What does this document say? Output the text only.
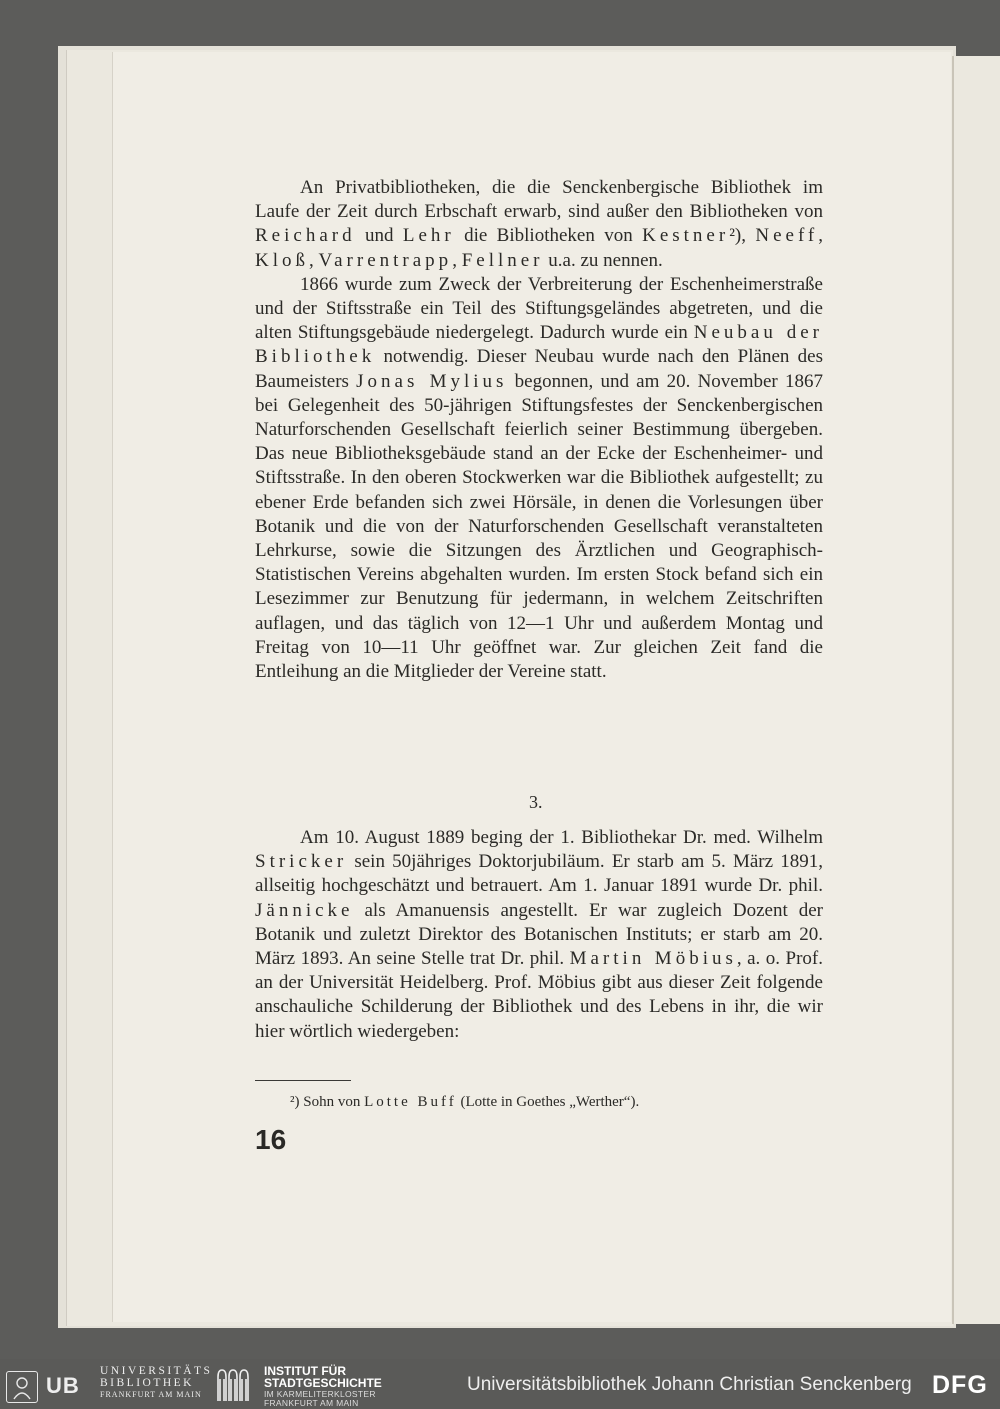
An Privatbibliotheken, die die Senckenbergische Bibliothek im Laufe der Zeit durch Erbschaft erwarb, sind außer den Bibliotheken von Reichard und Lehr die Bibliotheken von Kestner²), Neeff, Kloß, Varrentrapp, Fellner u.a. zu nennen.

1866 wurde zum Zweck der Verbreiterung der Eschenheimerstraße und der Stiftsstraße ein Teil des Stiftungsgeländes abgetreten, und die alten Stiftungsgebäude niedergelegt. Dadurch wurde ein Neubau der Bibliothek notwendig. Dieser Neubau wurde nach den Plänen des Baumeisters Jonas Mylius begonnen, und am 20. November 1867 bei Gelegenheit des 50-jährigen Stiftungsfestes der Senckenbergischen Naturforschenden Gesellschaft feierlich seiner Bestimmung übergeben. Das neue Bibliotheksgebäude stand an der Ecke der Eschenheimer- und Stiftsstraße. In den oberen Stockwerken war die Bibliothek aufgestellt; zu ebener Erde befanden sich zwei Hörsäle, in denen die Vorlesungen über Botanik und die von der Naturforschenden Gesellschaft veranstalteten Lehrkurse, sowie die Sitzungen des Ärztlichen und Geographisch-Statistischen Vereins abgehalten wurden. Im ersten Stock befand sich ein Lesezimmer zur Benutzung für jedermann, in welchem Zeitschriften auflagen, und das täglich von 12—1 Uhr und außerdem Montag und Freitag von 10—11 Uhr geöffnet war. Zur gleichen Zeit fand die Entleihung an die Mitglieder der Vereine statt.

3.

Am 10. August 1889 beging der 1. Bibliothekar Dr. med. Wilhelm Stricker sein 50jähriges Doktorjubiläum. Er starb am 5. März 1891, allseitig hochgeschätzt und betrauert. Am 1. Januar 1891 wurde Dr. phil. Jännicke als Amanuensis angestellt. Er war zugleich Dozent der Botanik und zuletzt Direktor des Botanischen Instituts; er starb am 20. März 1893. An seine Stelle trat Dr. phil. Martin Möbius, a. o. Prof. an der Universität Heidelberg. Prof. Möbius gibt aus dieser Zeit folgende anschauliche Schilderung der Bibliothek und des Lebens in ihr, die wir hier wörtlich wiedergeben:

²) Sohn von Lotte Buff (Lotte in Goethes „Werther“).
16
UB
UNIVERSITÄTS
BIBLIOTHEK
FRANKFURT AM MAIN
INSTITUT FÜR
STADTGESCHICHTE
IM KARMELITERKLOSTER
FRANKFURT AM MAIN
Universitätsbibliothek Johann Christian Senckenberg DFG
